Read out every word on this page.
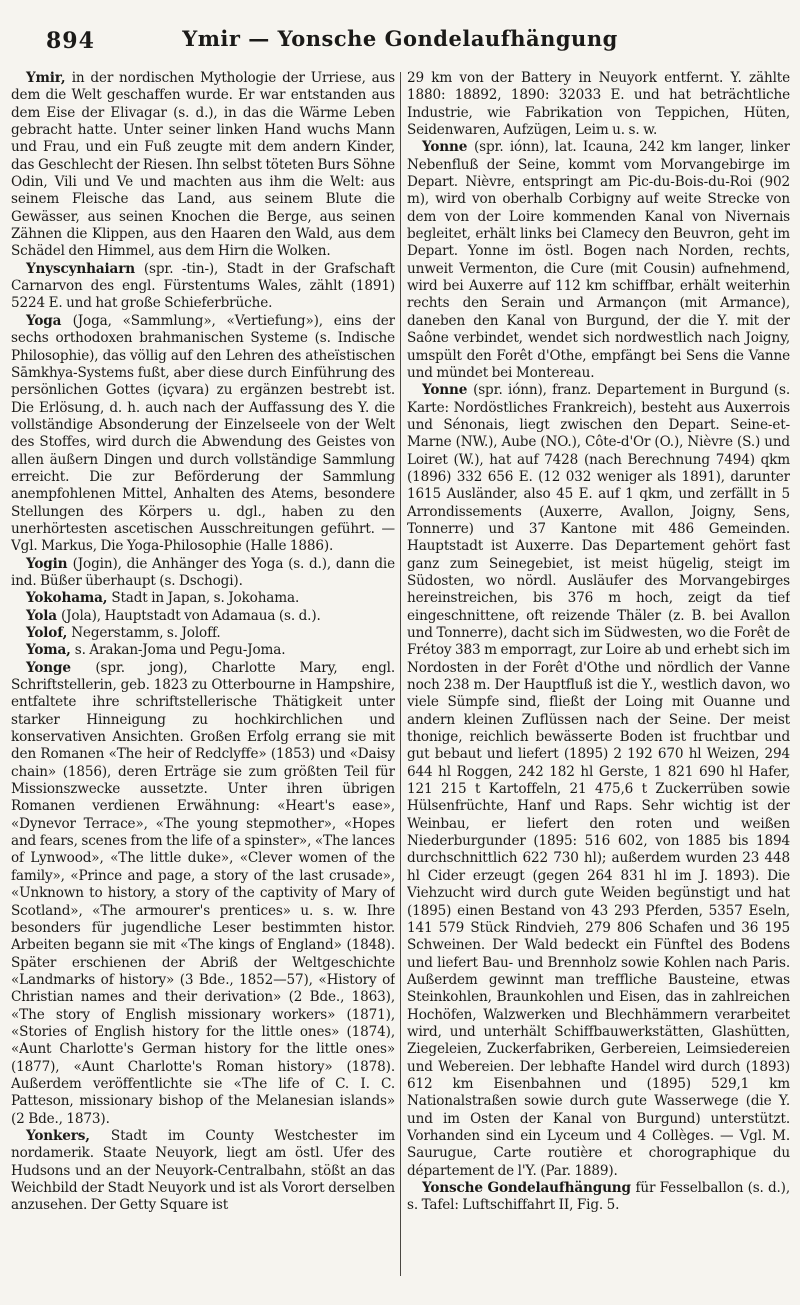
894	Ymir — Yonsche Gondelaufhängung

Ymir, in der nordischen Mythologie der Urriese, aus dem die Welt geschaffen wurde. Er war entstanden aus dem Eise der Elivagar (s. d.), in das die Wärme Leben gebracht hatte. Unter seiner linken Hand wuchs Mann und Frau, und ein Fuß zeugte mit dem andern Kinder, das Geschlecht der Riesen. Ihn selbst töteten Burs Söhne Odin, Vili und Ve und machten aus ihm die Welt: aus seinem Fleische das Land, aus seinem Blute die Gewässer, aus seinen Knochen die Berge, aus seinen Zähnen die Klippen, aus den Haaren den Wald, aus dem Schädel den Himmel, aus dem Hirn die Wolken.

Ynyscynhaiarn (spr. -tin-), Stadt in der Grafschaft Carnarvon des engl. Fürstentums Wales, zählt (1891) 5224 E. und hat große Schieferbrüche.

Yoga (Joga, «Sammlung», «Vertiefung»), eins der sechs orthodoxen brahmanischen Systeme (s. Indische Philosophie), das völlig auf den Lehren des atheïstischen Sāmkhya-Systems fußt, aber diese durch Einführung des persönlichen Gottes (içvara) zu ergänzen bestrebt ist. Die Erlösung, d. h. auch nach der Auffassung des Y. die vollständige Absonderung der Einzelseele von der Welt des Stoffes, wird durch die Abwendung des Geistes von allen äußern Dingen und durch vollständige Sammlung erreicht. Die zur Beförderung der Sammlung anempfohlenen Mittel, Anhalten des Atems, besondere Stellungen des Körpers u. dgl., haben zu den unerhörtesten ascetischen Ausschreitungen geführt. — Vgl. Markus, Die Yoga-Philosophie (Halle 1886).

Yogin (Jogin), die Anhänger des Yoga (s. d.), dann die ind. Büßer überhaupt (s. Dschogi).

Yokohama, Stadt in Japan, s. Jokohama.

Yola (Jola), Hauptstadt von Adamaua (s. d.).

Yolof, Negerstamm, s. Joloff.

Yoma, s. Arakan-Joma und Pegu-Joma.

Yonge (spr. jong), Charlotte Mary, engl. Schriftstellerin, geb. 1823 zu Otterbourne in Hampshire, entfaltete ihre schriftstellerische Thätigkeit unter starker Hinneigung zu hochkirchlichen und konservativen Ansichten. Großen Erfolg errang sie mit den Romanen «The heir of Redclyffe» (1853) und «Daisy chain» (1856), deren Erträge sie zum größten Teil für Missionszwecke aussetzte. Unter ihren übrigen Romanen verdienen Erwähnung: «Heart's ease», «Dynevor Terrace», «The young stepmother», «Hopes and fears, scenes from the life of a spinster», «The lances of Lynwood», «The little duke», «Clever women of the family», «Prince and page, a story of the last crusade», «Unknown to history, a story of the captivity of Mary of Scotland», «The armourer's prentices» u. s. w. Ihre besonders für jugendliche Leser bestimmten histor. Arbeiten begann sie mit «The kings of England» (1848). Später erschienen der Abriß der Weltgeschichte «Landmarks of history» (3 Bde., 1852—57), «History of Christian names and their derivation» (2 Bde., 1863), «The story of English missionary workers» (1871), «Stories of English history for the little ones» (1874), «Aunt Charlotte's German history for the little ones» (1877), «Aunt Charlotte's Roman history» (1878). Außerdem veröffentlichte sie «The life of C. I. C. Patteson, missionary bishop of the Melanesian islands» (2 Bde., 1873).

Yonkers, Stadt im County Westchester im nordamerik. Staate Neuyork, liegt am östl. Ufer des Hudsons und an der Neuyork-Centralbahn, stößt an das Weichbild der Stadt Neuyork und ist als Vorort derselben anzusehen. Der Getty Square ist

29 km von der Battery in Neuyork entfernt. Y. zählte 1880: 18892, 1890: 32033 E. und hat beträchtliche Industrie, wie Fabrikation von Teppichen, Hüten, Seidenwaren, Aufzügen, Leim u. s. w.

Yonne (spr. iónn), lat. Icauna, 242 km langer, linker Nebenfluß der Seine, kommt vom Morvangebirge im Depart. Nièvre, entspringt am Pic-du-Bois-du-Roi (902 m), wird von oberhalb Corbigny auf weite Strecke von dem von der Loire kommenden Kanal von Nivernais begleitet, erhält links bei Clamecy den Beuvron, geht im Depart. Yonne im östl. Bogen nach Norden, rechts, unweit Vermenton, die Cure (mit Cousin) aufnehmend, wird bei Auxerre auf 112 km schiffbar, erhält weiterhin rechts den Serain und Armançon (mit Armance), daneben den Kanal von Burgund, der die Y. mit der Saône verbindet, wendet sich nordwestlich nach Joigny, umspült den Forêt d'Othe, empfängt bei Sens die Vanne und mündet bei Montereau.

Yonne (spr. iónn), franz. Departement in Burgund (s. Karte: Nordöstliches Frankreich), besteht aus Auxerrois und Sénonais, liegt zwischen den Depart. Seine-et-Marne (NW.), Aube (NO.), Côte-d'Or (O.), Nièvre (S.) und Loiret (W.), hat auf 7428 (nach Berechnung 7494) qkm (1896) 332 656 E. (12 032 weniger als 1891), darunter 1615 Ausländer, also 45 E. auf 1 qkm, und zerfällt in 5 Arrondissements (Auxerre, Avallon, Joigny, Sens, Tonnerre) und 37 Kantone mit 486 Gemeinden. Hauptstadt ist Auxerre. Das Departement gehört fast ganz zum Seinegebiet, ist meist hügelig, steigt im Südosten, wo nördl. Ausläufer des Morvangebirges hereinstreichen, bis 376 m hoch, zeigt da tief eingeschnittene, oft reizende Thäler (z. B. bei Avallon und Tonnerre), dacht sich im Südwesten, wo die Forêt de Frétoy 383 m emporragt, zur Loire ab und erhebt sich im Nordosten in der Forêt d'Othe und nördlich der Vanne noch 238 m. Der Hauptfluß ist die Y., westlich davon, wo viele Sümpfe sind, fließt der Loing mit Ouanne und andern kleinen Zuflüssen nach der Seine. Der meist thonige, reichlich bewässerte Boden ist fruchtbar und gut bebaut und liefert (1895) 2 192 670 hl Weizen, 294 644 hl Roggen, 242 182 hl Gerste, 1 821 690 hl Hafer, 121 215 t Kartoffeln, 21 475,6 t Zuckerrüben sowie Hülsenfrüchte, Hanf und Raps. Sehr wichtig ist der Weinbau, er liefert den roten und weißen Niederburgunder (1895: 516 602, von 1885 bis 1894 durchschnittlich 622 730 hl); außerdem wurden 23 448 hl Cider erzeugt (gegen 264 831 hl im J. 1893). Die Viehzucht wird durch gute Weiden begünstigt und hat (1895) einen Bestand von 43 293 Pferden, 5357 Eseln, 141 579 Stück Rindvieh, 279 806 Schafen und 36 195 Schweinen. Der Wald bedeckt ein Fünftel des Bodens und liefert Bau- und Brennholz sowie Kohlen nach Paris. Außerdem gewinnt man treffliche Bausteine, etwas Steinkohlen, Braunkohlen und Eisen, das in zahlreichen Hochöfen, Walzwerken und Blechhämmern verarbeitet wird, und unterhält Schiffbauwerkstätten, Glashütten, Ziegeleien, Zuckerfabriken, Gerbereien, Leimsiedereien und Webereien. Der lebhafte Handel wird durch (1893) 612 km Eisenbahnen und (1895) 529,1 km Nationalstraßen sowie durch gute Wasserwege (die Y. und im Osten der Kanal von Burgund) unterstützt. Vorhanden sind ein Lyceum und 4 Collèges. — Vgl. M. Saurugue, Carte routière et chorographique du département de l'Y. (Par. 1889).

Yonsche Gondelaufhängung für Fesselballon (s. d.), s. Tafel: Luftschiffahrt II, Fig. 5.
